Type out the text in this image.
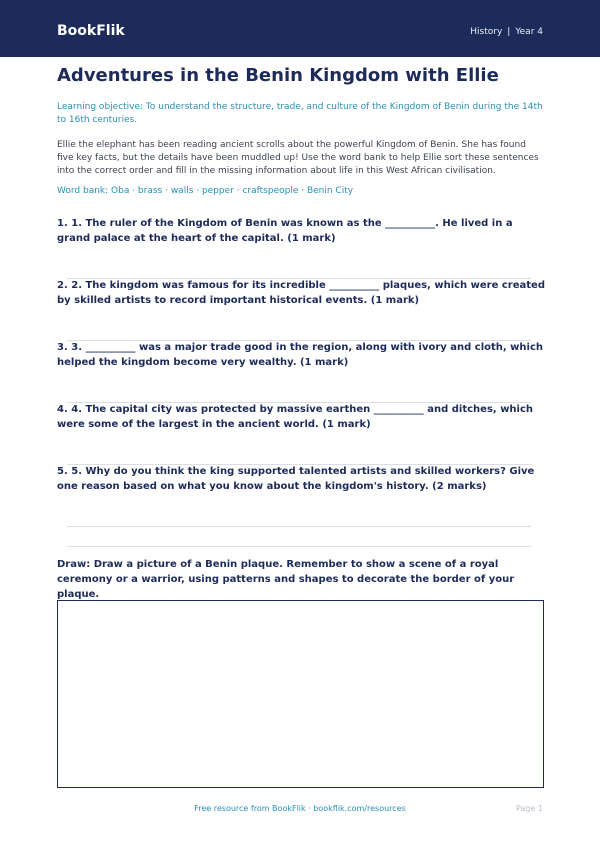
BookFlik	History | Year 4
Adventures in the Benin Kingdom with Ellie
Learning objective: To understand the structure, trade, and culture of the Kingdom of Benin during the 14th to 16th centuries.
Ellie the elephant has been reading ancient scrolls about the powerful Kingdom of Benin. She has found five key facts, but the details have been muddled up! Use the word bank to help Ellie sort these sentences into the correct order and fill in the missing information about life in this West African civilisation.
Word bank: Oba · brass · walls · pepper · craftspeople · Benin City
1. 1. The ruler of the Kingdom of Benin was known as the __________. He lived in a grand palace at the heart of the capital. (1 mark)
2. 2. The kingdom was famous for its incredible __________ plaques, which were created by skilled artists to record important historical events. (1 mark)
3. 3. __________ was a major trade good in the region, along with ivory and cloth, which helped the kingdom become very wealthy. (1 mark)
4. 4. The capital city was protected by massive earthen __________ and ditches, which were some of the largest in the ancient world. (1 mark)
5. 5. Why do you think the king supported talented artists and skilled workers? Give one reason based on what you know about the kingdom's history. (2 marks)
Draw: Draw a picture of a Benin plaque. Remember to show a scene of a royal ceremony or a warrior, using patterns and shapes to decorate the border of your plaque.
Free resource from BookFlik · bookflik.com/resources	Page 1
